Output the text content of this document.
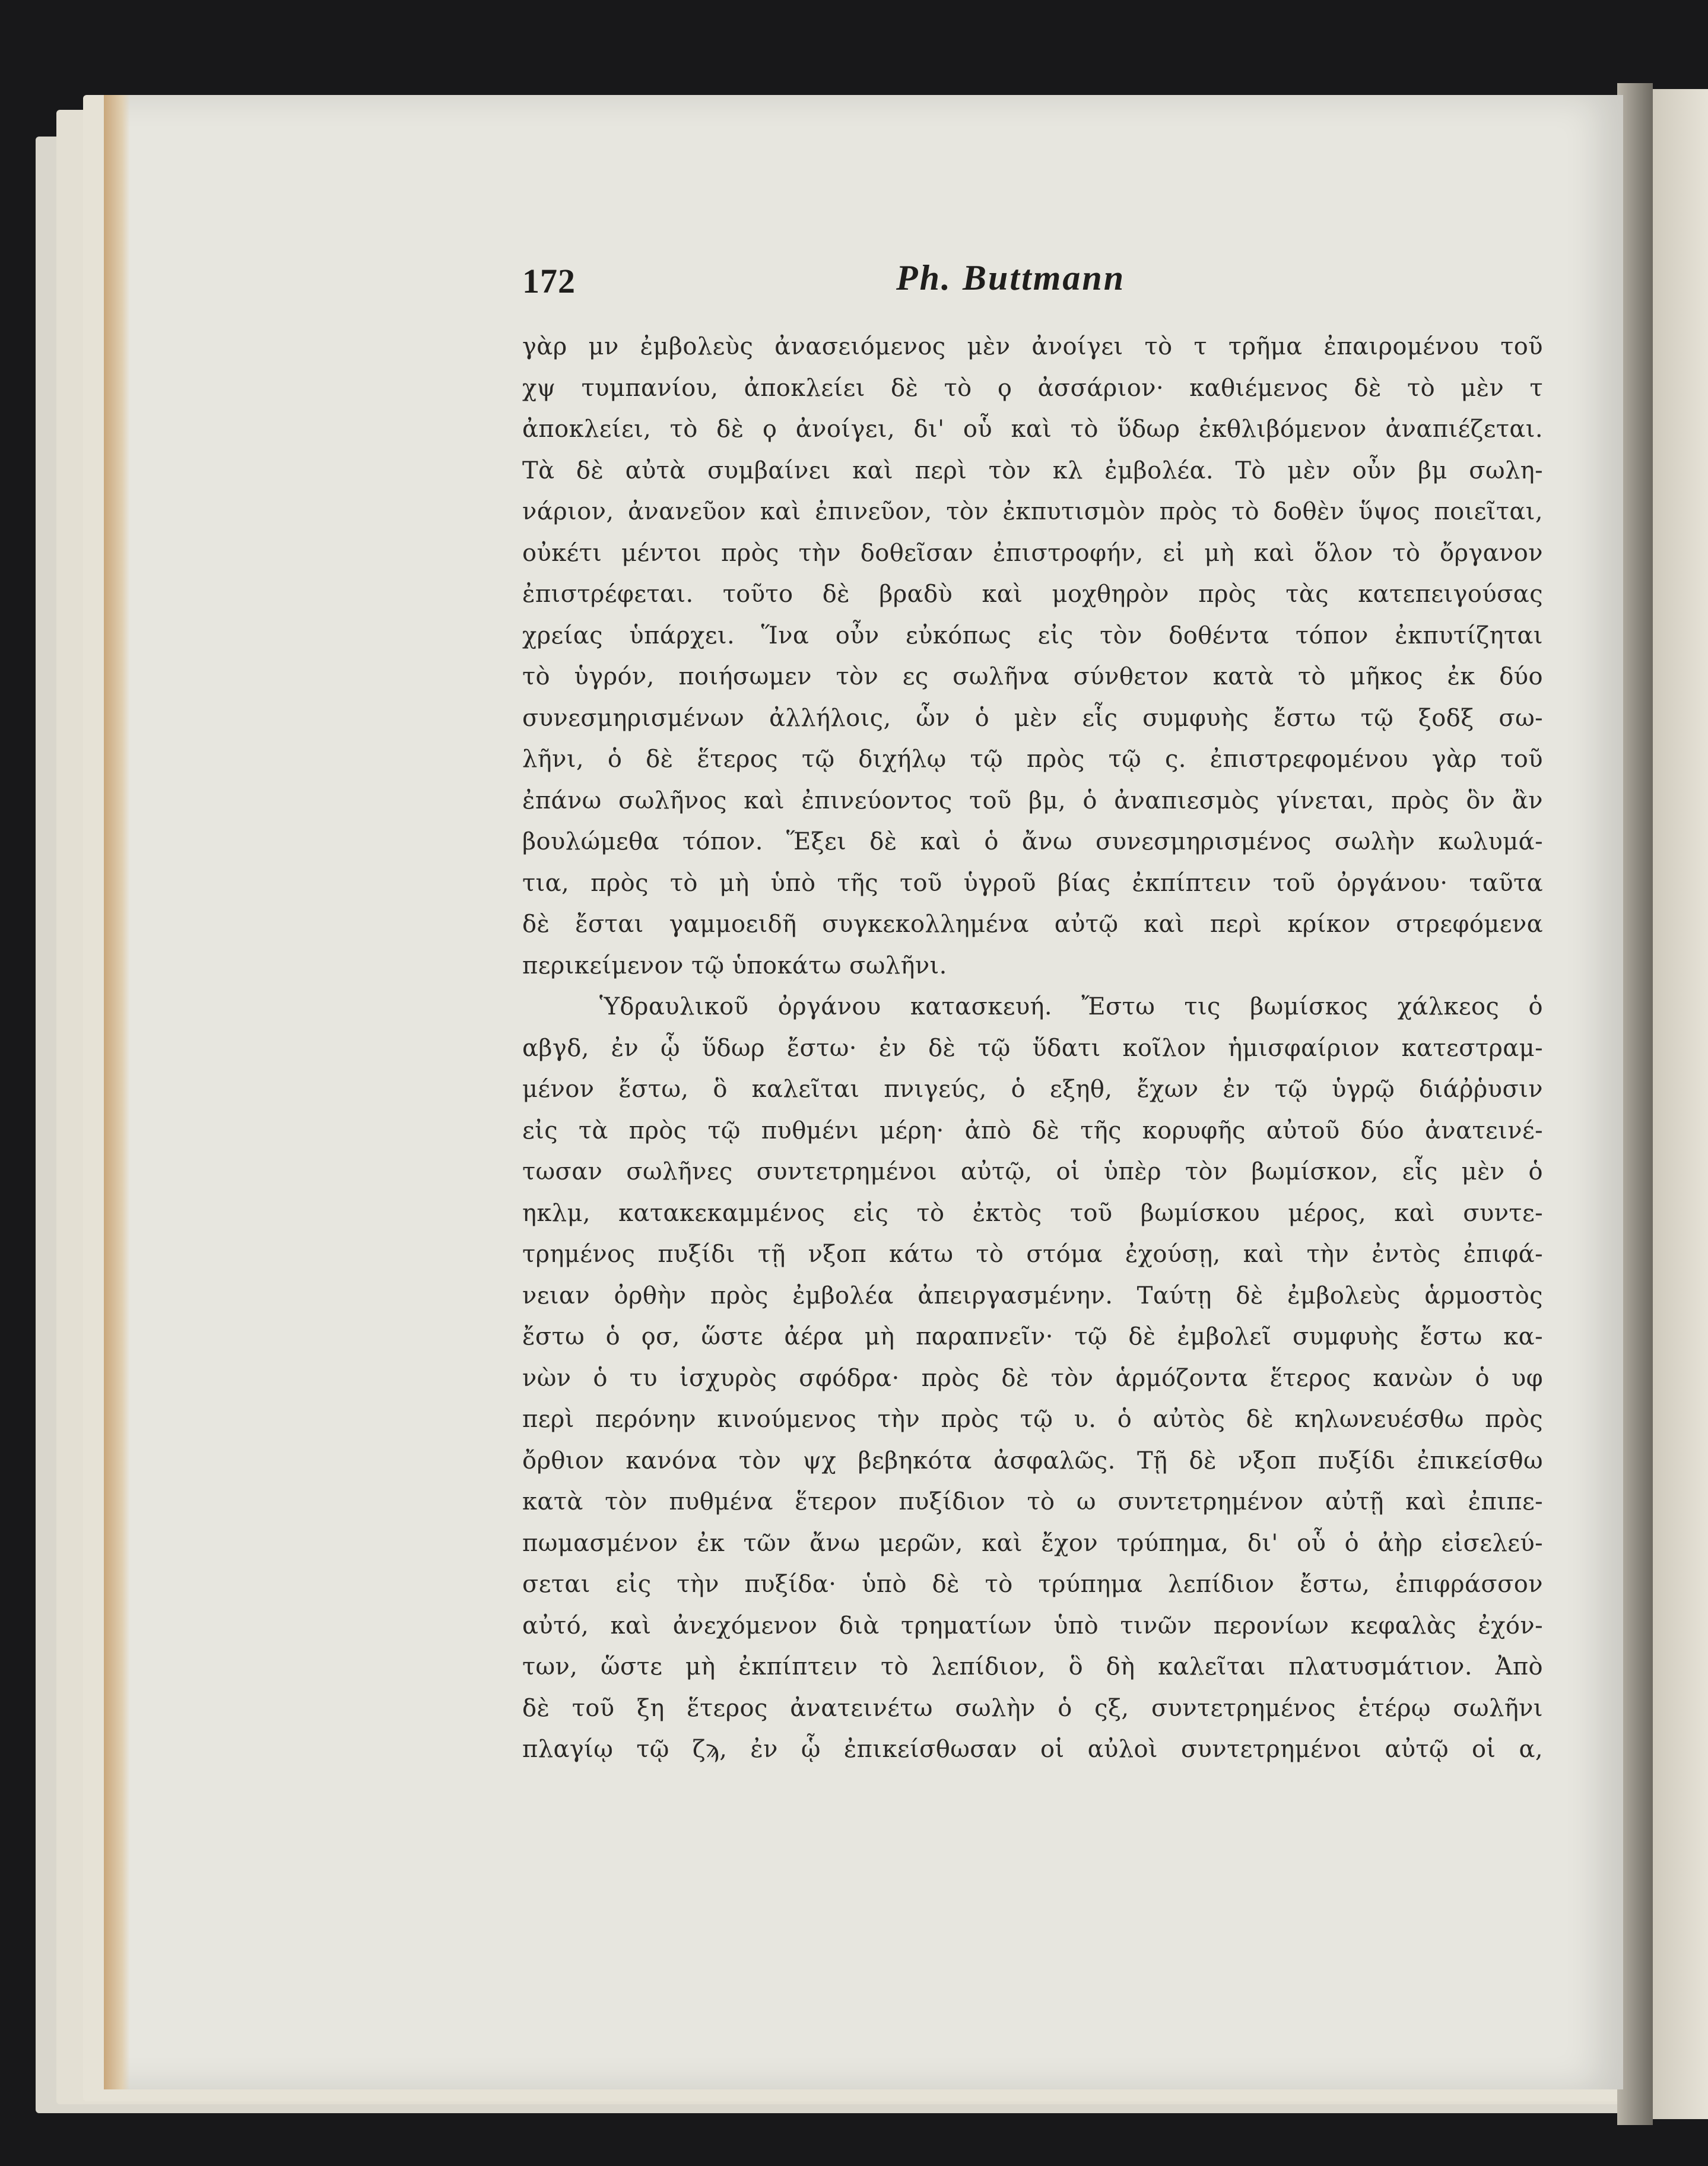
172	Ph. Buttmann
γὰρ μν ἐμβολεὺς ἀνασειόμενος μὲν ἀνοίγει τὸ τ τρῆμα ἐπαιρομένου τοῦ
χψ τυμπανίου, ἀποκλείει δὲ τὸ ϙ ἀσσάριον· καθιέμενος δὲ τὸ μὲν τ
ἀποκλείει, τὸ δὲ ϙ ἀνοίγει, δι' οὗ καὶ τὸ ὕδωρ ἐκθλιβόμενον ἀναπιέζεται.
Τὰ δὲ αὐτὰ συμβαίνει καὶ περὶ τὸν κλ ἐμβολέα. Τὸ μὲν οὖν βμ σωλη-
νάριον, ἀνανεῦον καὶ ἐπινεῦον, τὸν ἐκπυτισμὸν πρὸς τὸ δοθὲν ὕψος ποιεῖται,
οὐκέτι μέντοι πρὸς τὴν δοθεῖσαν ἐπιστροφήν, εἰ μὴ καὶ ὅλον τὸ ὄργανον
ἐπιστρέφεται. τοῦτο δὲ βραδὺ καὶ μοχθηρὸν πρὸς τὰς κατεπειγούσας
χρείας ὑπάρχει. Ἵνα οὖν εὐκόπως εἰς τὸν δοθέντα τόπον ἐκπυτίζηται
τὸ ὑγρόν, ποιήσωμεν τὸν ες σωλῆνα σύνθετον κατὰ τὸ μῆκος ἐκ δύο
συνεσμηρισμένων ἀλλήλοις, ὧν ὁ μὲν εἷς συμφυὴς ἔστω τῷ ξοδξ σω-
λῆνι, ὁ δὲ ἕτερος τῷ διχήλῳ τῷ πρὸς τῷ ς. ἐπιστρεφομένου γὰρ τοῦ
ἐπάνω σωλῆνος καὶ ἐπινεύοντος τοῦ βμ, ὁ ἀναπιεσμὸς γίνεται, πρὸς ὃν ἂν
βουλώμεθα τόπον. Ἕξει δὲ καὶ ὁ ἄνω συνεσμηρισμένος σωλὴν κωλυμά-
τια, πρὸς τὸ μὴ ὑπὸ τῆς τοῦ ὑγροῦ βίας ἐκπίπτειν τοῦ ὀργάνου· ταῦτα
δὲ ἔσται γαμμοειδῆ συγκεκολλημένα αὐτῷ καὶ περὶ κρίκον στρεφόμενα
περικείμενον τῷ ὑποκάτω σωλῆνι.
Ὑδραυλικοῦ ὀργάνου κατασκευή. Ἔστω τις βωμίσκος χάλκεος ὁ
αβγδ, ἐν ᾧ ὕδωρ ἔστω· ἐν δὲ τῷ ὕδατι κοῖλον ἡμισφαίριον κατεστραμ-
μένον ἔστω, ὃ καλεῖται πνιγεύς, ὁ εξηθ, ἔχων ἐν τῷ ὑγρῷ διάῤῥυσιν
εἰς τὰ πρὸς τῷ πυθμένι μέρη· ἀπὸ δὲ τῆς κορυφῆς αὐτοῦ δύο ἀνατεινέ-
τωσαν σωλῆνες συντετρημένοι αὐτῷ, οἱ ὑπὲρ τὸν βωμίσκον, εἷς μὲν ὁ
ηκλμ, κατακεκαμμένος εἰς τὸ ἐκτὸς τοῦ βωμίσκου μέρος, καὶ συντε-
τρημένος πυξίδι τῇ νξοπ κάτω τὸ στόμα ἐχούσῃ, καὶ τὴν ἐντὸς ἐπιφά-
νειαν ὀρθὴν πρὸς ἐμβολέα ἀπειργασμένην. Ταύτῃ δὲ ἐμβολεὺς ἁρμοστὸς
ἔστω ὁ ϙσ, ὥστε ἀέρα μὴ παραπνεῖν· τῷ δὲ ἐμβολεῖ συμφυὴς ἔστω κα-
νὼν ὁ τυ ἰσχυρὸς σφόδρα· πρὸς δὲ τὸν ἁρμόζοντα ἕτερος κανὼν ὁ υφ
περὶ περόνην κινούμενος τὴν πρὸς τῷ υ. ὁ αὐτὸς δὲ κηλωνευέσθω πρὸς
ὄρθιον κανόνα τὸν ψχ βεβηκότα ἀσφαλῶς. Τῇ δὲ νξοπ πυξίδι ἐπικείσθω
κατὰ τὸν πυθμένα ἕτερον πυξίδιον τὸ ω συντετρημένον αὐτῇ καὶ ἐπιπε-
πωμασμένον ἐκ τῶν ἄνω μερῶν, καὶ ἔχον τρύπημα, δι' οὗ ὁ ἀὴρ εἰσελεύ-
σεται εἰς τὴν πυξίδα· ὑπὸ δὲ τὸ τρύπημα λεπίδιον ἔστω, ἐπιφράσσον
αὐτό, καὶ ἀνεχόμενον διὰ τρηματίων ὑπὸ τινῶν περονίων κεφαλὰς ἐχόν-
των, ὥστε μὴ ἐκπίπτειν τὸ λεπίδιον, ὃ δὴ καλεῖται πλατυσμάτιον. Ἀπὸ
δὲ τοῦ ξη ἕτερος ἀνατεινέτω σωλὴν ὁ ςξ, συντετρημένος ἑτέρῳ σωλῆνι
πλαγίῳ τῷ ζϡ, ἐν ᾧ ἐπικείσθωσαν οἱ αὐλοὶ συντετρημένοι αὐτῷ οἱ α,
